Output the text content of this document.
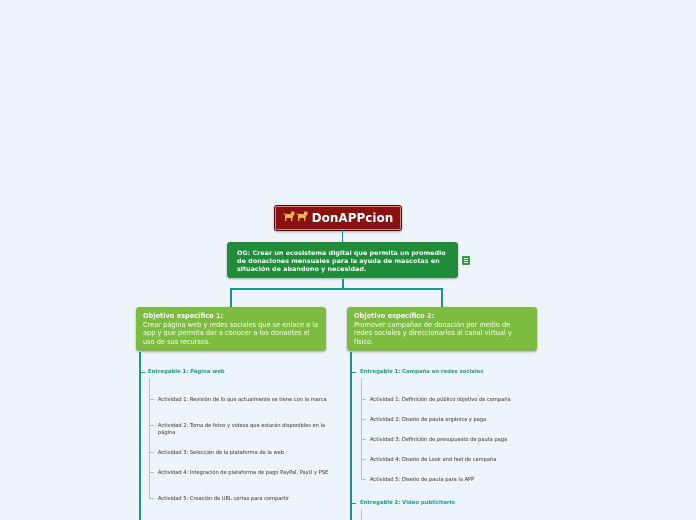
DonAPPcion
OG: Crear un ecosistema digital que permita un promedio de donaciones mensuales para la ayuda de mascotas en situación de abandono y necesidad.
Objetivo específico 1:
Crear página web y redes sociales que se enlace a la app y que permita dar a conocer a los donantes el uso de sus recursos.
Objetivo específico 2:
Promover campañas de donación por medio de redes sociales y direccionarlos al canal virtual y físico.
Entregable 1: Página web
Actividad 1: Revisión de lo que actualmente se tiene con la marca
Actividad 2: Toma de fotos y videos que estarán disponibles en la página
Actividad 3: Selección de la plataforma de la web
Actividad 4: Integración de plataforma de pago PayPal, PayU y PSE
Actividad 5: Creación de URL cortas para compartir
Entregable 1: Campaña en redes sociales
Actividad 1: Definición de público objetivo de campaña
Actividad 2: Diseño de pauta orgánica y paga
Actividad 3: Definición de presupuesto de pauta paga
Actividad 4: Diseño de Look and feel de campaña
Actividad 5: Diseño de pauta para la APP
Entregable 2: Video publicitario
